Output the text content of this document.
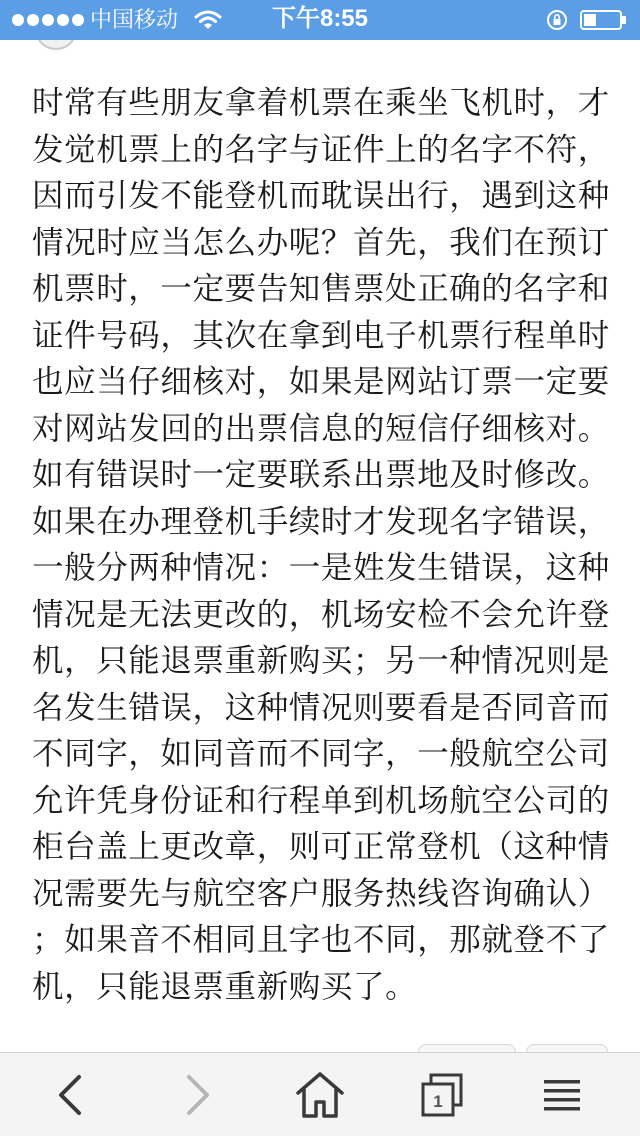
中国移动	下午8:55
时常有些朋友拿着机票在乘坐飞机时，才
发觉机票上的名字与证件上的名字不符，
因而引发不能登机而耽误出行，遇到这种
情况时应当怎么办呢？首先，我们在预订
机票时，一定要告知售票处正确的名字和
证件号码，其次在拿到电子机票行程单时
也应当仔细核对，如果是网站订票一定要
对网站发回的出票信息的短信仔细核对。
如有错误时一定要联系出票地及时修改。
如果在办理登机手续时才发现名字错误，
一般分两种情况：一是姓发生错误，这种
情况是无法更改的，机场安检不会允许登
机，只能退票重新购买；另一种情况则是
名发生错误，这种情况则要看是否同音而
不同字，如同音而不同字，一般航空公司
允许凭身份证和行程单到机场航空公司的
柜台盖上更改章，则可正常登机（这种情
况需要先与航空客户服务热线咨询确认）
；如果音不相同且字也不同，那就登不了
机，只能退票重新购买了。
1
